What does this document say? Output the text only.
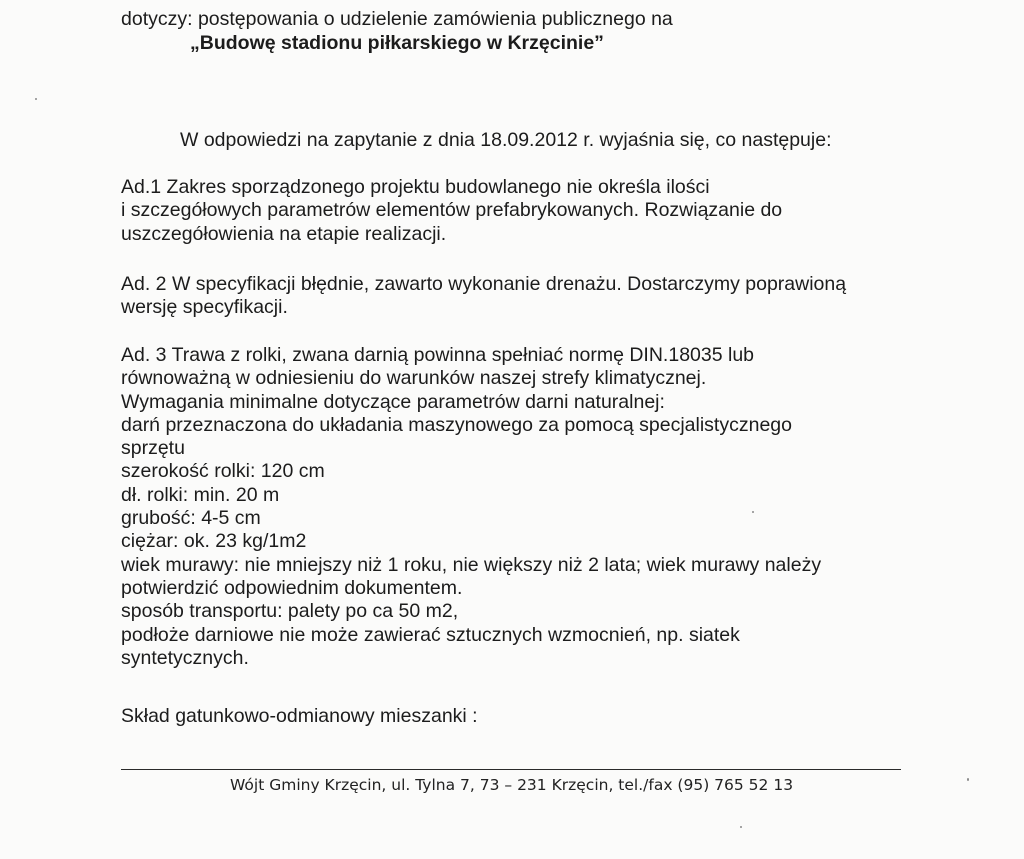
dotyczy: postępowania o udzielenie zamówienia publicznego na
„Budowę stadionu piłkarskiego w Krzęcinie”
W odpowiedzi na zapytanie z dnia 18.09.2012 r. wyjaśnia się, co następuje:
Ad.1 Zakres sporządzonego projektu budowlanego nie określa ilości
i szczegółowych parametrów elementów prefabrykowanych. Rozwiązanie do
uszczegółowienia na etapie realizacji.
Ad. 2 W specyfikacji błędnie, zawarto wykonanie drenażu. Dostarczymy poprawioną
wersję specyfikacji.
Ad. 3 Trawa z rolki, zwana darnią powinna spełniać normę DIN.18035 lub
równoważną w odniesieniu do warunków naszej strefy klimatycznej.
Wymagania minimalne dotyczące parametrów darni naturalnej:
darń przeznaczona do układania maszynowego za pomocą specjalistycznego
sprzętu
szerokość rolki: 120 cm
dł. rolki: min. 20 m
grubość: 4-5 cm
ciężar: ok. 23 kg/1m2
wiek murawy: nie mniejszy niż 1 roku, nie większy niż 2 lata; wiek murawy należy
potwierdzić odpowiednim dokumentem.
sposób transportu: palety po ca 50 m2,
podłoże darniowe nie może zawierać sztucznych wzmocnień, np. siatek
syntetycznych.
Skład gatunkowo-odmianowy mieszanki :
Wójt Gminy Krzęcin, ul. Tylna 7, 73 – 231 Krzęcin, tel./fax (95) 765 52 13
